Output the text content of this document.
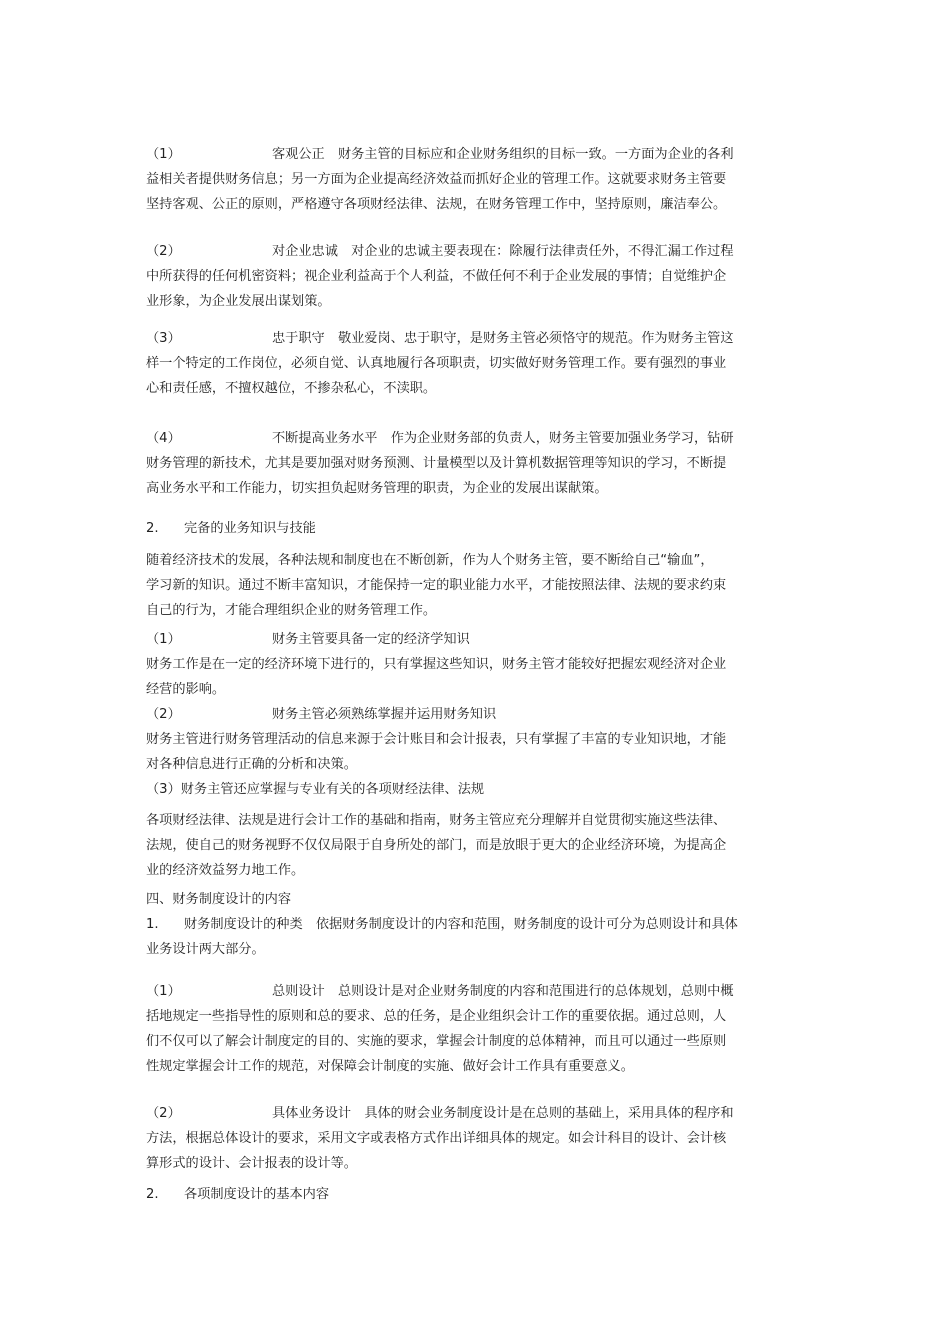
（1）	客观公正　 财务主管的目标应和企业财务组织的目标一致。一方面为企业的各利
益相关者提供财务信息；另一方面为企业提高经济效益而抓好企业的管理工作。这就要求财务主管要
坚持客观、公正的原则，严格遵守各项财经法律、法规，在财务管理工作中，坚持原则，廉洁奉公。
（2）	对企业忠诚　 对企业的忠诚主要表现在：除履行法律责任外，不得汇漏工作过程
中所获得的任何机密资料；视企业利益高于个人利益，不做任何不利于企业发展的事情；自觉维护企
业形象，为企业发展出谋划策。
（3）	忠于职守　 敬业爱岗、忠于职守，是财务主管必须恪守的规范。作为财务主管这
样一个特定的工作岗位，必须自觉、认真地履行各项职责，切实做好财务管理工作。要有强烈的事业
心和责任感，不擅权越位，不掺杂私心，不渎职。
（4）	不断提高业务水平　 作为企业财务部的负责人，财务主管要加强业务学习，钻研
财务管理的新技术，尤其是要加强对财务预测、计量模型以及计算机数据管理等知识的学习，不断提
高业务水平和工作能力，切实担负起财务管理的职责，为企业的发展出谋献策。
2. 完备的业务知识与技能
随着经济技术的发展，各种法规和制度也在不断创新，作为人个财务主管，要不断给自己“输血”，
学习新的知识。通过不断丰富知识，才能保持一定的职业能力水平，才能按照法律、法规的要求约束
自己的行为，才能合理组织企业的财务管理工作。
（1）	财务主管要具备一定的经济学知识
财务工作是在一定的经济环境下进行的，只有掌握这些知识，财务主管才能较好把握宏观经济对企业
经营的影响。
（2）	财务主管必须熟练掌握并运用财务知识
财务主管进行财务管理活动的信息来源于会计账目和会计报表，只有掌握了丰富的专业知识地，才能
对各种信息进行正确的分析和决策。
（3）财务主管还应掌握与专业有关的各项财经法律、法规
各项财经法律、法规是进行会计工作的基础和指南，财务主管应充分理解并自觉贯彻实施这些法律、
法规，使自己的财务视野不仅仅局限于自身所处的部门，而是放眼于更大的企业经济环境，为提高企
业的经济效益努力地工作。
四、财务制度设计的内容
1. 财务制度设计的种类　依据财务制度设计的内容和范围，财务制度的设计可分为总则设计和具体
业务设计两大部分。
（1）	总则设计　 总则设计是对企业财务制度的内容和范围进行的总体规划，总则中概
括地规定一些指导性的原则和总的要求、总的任务，是企业组织会计工作的重要依据。通过总则，人
们不仅可以了解会计制度定的目的、实施的要求，掌握会计制度的总体精神，而且可以通过一些原则
性规定掌握会计工作的规范，对保障会计制度的实施、做好会计工作具有重要意义。
（2）	具体业务设计　 具体的财会业务制度设计是在总则的基础上，采用具体的程序和
方法，根据总体设计的要求，采用文字或表格方式作出详细具体的规定。如会计科目的设计、会计核
算形式的设计、会计报表的设计等。
2. 各项制度设计的基本内容
